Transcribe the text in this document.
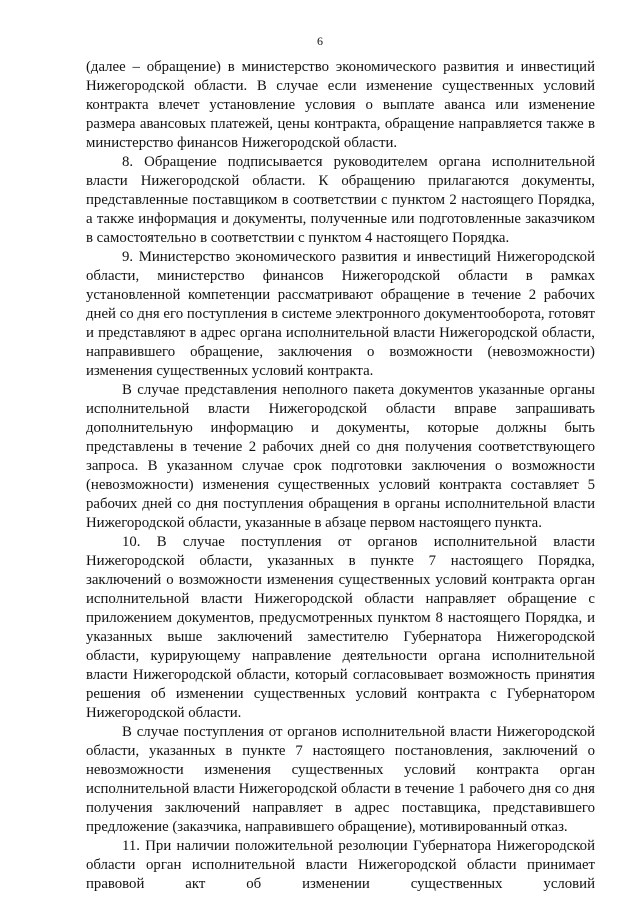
6

(далее – обращение) в министерство экономического развития и инвестиций Нижегородской области. В случае если изменение существенных условий контракта влечет установление условия о выплате аванса или изменение размера авансовых платежей, цены контракта, обращение направляется также в министерство финансов Нижегородской области.

8. Обращение подписывается руководителем органа исполнительной власти Нижегородской области. К обращению прилагаются документы, представленные поставщиком в соответствии с пунктом 2 настоящего Порядка, а также информация и документы, полученные или подготовленные заказчиком в самостоятельно в соответствии с пунктом 4 настоящего Порядка.

9. Министерство экономического развития и инвестиций Нижегородской области, министерство финансов Нижегородской области в рамках установленной компетенции рассматривают обращение в течение 2 рабочих дней со дня его поступления в системе электронного документооборота, готовят и представляют в адрес органа исполнительной власти Нижегородской области, направившего обращение, заключения о возможности (невозможности) изменения существенных условий контракта.

В случае представления неполного пакета документов указанные органы исполнительной власти Нижегородской области вправе запрашивать дополнительную информацию и документы, которые должны быть представлены в течение 2 рабочих дней со дня получения соответствующего запроса. В указанном случае срок подготовки заключения о возможности (невозможности) изменения существенных условий контракта составляет 5 рабочих дней со дня поступления обращения в органы исполнительной власти Нижегородской области, указанные в абзаце первом настоящего пункта.

10. В случае поступления от органов исполнительной власти Нижегородской области, указанных в пункте 7 настоящего Порядка, заключений о возможности изменения существенных условий контракта орган исполнительной власти Нижегородской области направляет обращение с приложением документов, предусмотренных пунктом 8 настоящего Порядка, и указанных выше заключений заместителю Губернатора Нижегородской области, курирующему направление деятельности органа исполнительной власти Нижегородской области, который согласовывает возможность принятия решения об изменении существенных условий контракта с Губернатором Нижегородской области.

В случае поступления от органов исполнительной власти Нижегородской области, указанных в пункте 7 настоящего постановления, заключений о невозможности изменения существенных условий контракта орган исполнительной власти Нижегородской области в течение 1 рабочего дня со дня получения заключений направляет в адрес поставщика, представившего предложение (заказчика, направившего обращение), мотивированный отказ.

11. При наличии положительной резолюции Губернатора Нижегородской области орган исполнительной власти Нижегородской области принимает правовой акт об изменении существенных условий
